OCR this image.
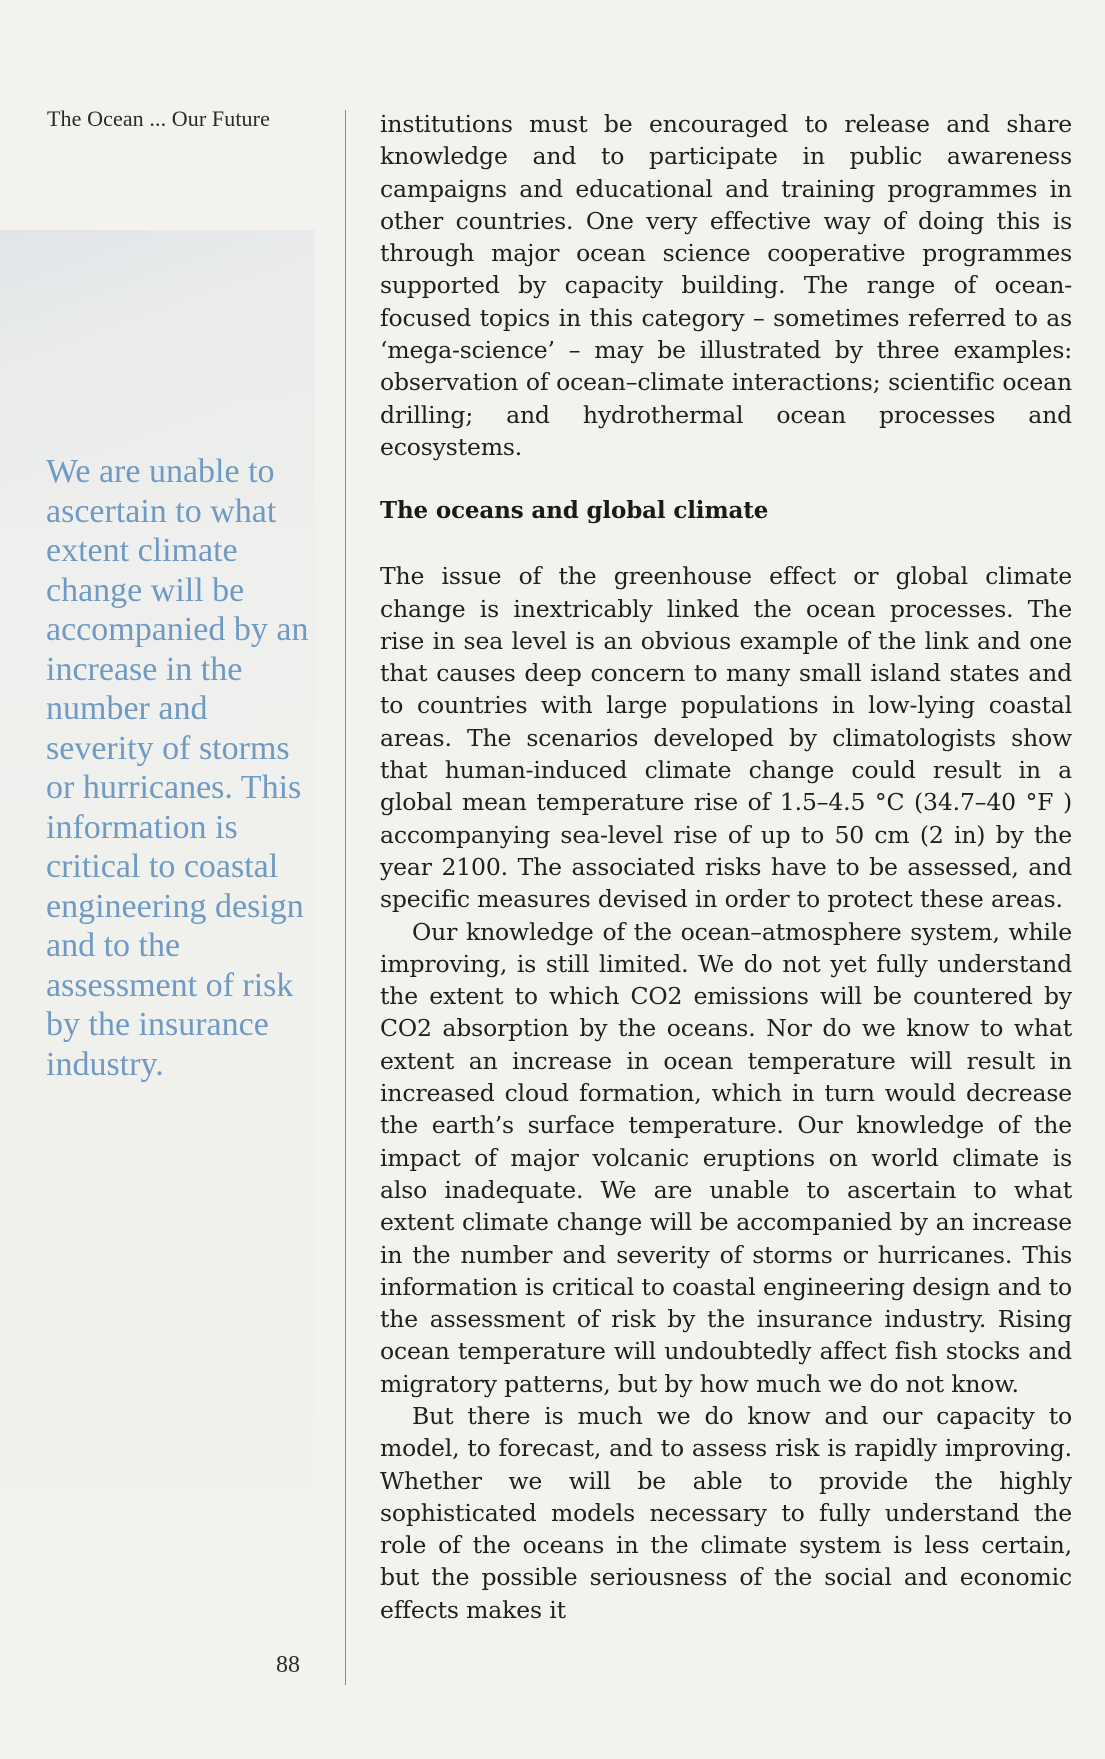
The Ocean ... Our Future
We are unable to ascertain to what extent climate change will be accompanied by an increase in the number and severity of storms or hurricanes. This information is critical to coastal engineering design and to the assessment of risk by the insurance industry.
88

institutions must be encouraged to release and share knowledge and to participate in public awareness campaigns and educational and training programmes in other countries. One very effective way of doing this is through major ocean science cooperative programmes supported by capacity building. The range of ocean-focused topics in this category – sometimes referred to as ‘mega-science’ – may be illustrated by three examples: observation of ocean–climate interactions; scientific ocean drilling; and hydrothermal ocean processes and ecosystems.

The oceans and global climate

The issue of the greenhouse effect or global climate change is inextricably linked the ocean processes. The rise in sea level is an obvious example of the link and one that causes deep concern to many small island states and to countries with large populations in low-lying coastal areas. The scenarios developed by climatologists show that human-induced climate change could result in a global mean temperature rise of 1.5–4.5 °C (34.7–40 °F ) accompanying sea-level rise of up to 50 cm (2 in) by the year 2100. The associated risks have to be assessed, and specific measures devised in order to protect these areas.

Our knowledge of the ocean–atmosphere system, while improving, is still limited. We do not yet fully understand the extent to which CO2 emissions will be countered by CO2 absorption by the oceans. Nor do we know to what extent an increase in ocean temperature will result in increased cloud formation, which in turn would decrease the earth’s surface temperature. Our knowledge of the impact of major volcanic eruptions on world climate is also inadequate. We are unable to ascertain to what extent climate change will be accompanied by an increase in the number and severity of storms or hurricanes. This information is critical to coastal engineering design and to the assessment of risk by the insurance industry. Rising ocean temperature will undoubtedly affect fish stocks and migratory patterns, but by how much we do not know.

But there is much we do know and our capacity to model, to forecast, and to assess risk is rapidly improving. Whether we will be able to provide the highly sophisticated models necessary to fully understand the role of the oceans in the climate system is less certain, but the possible seriousness of the social and economic effects makes it
